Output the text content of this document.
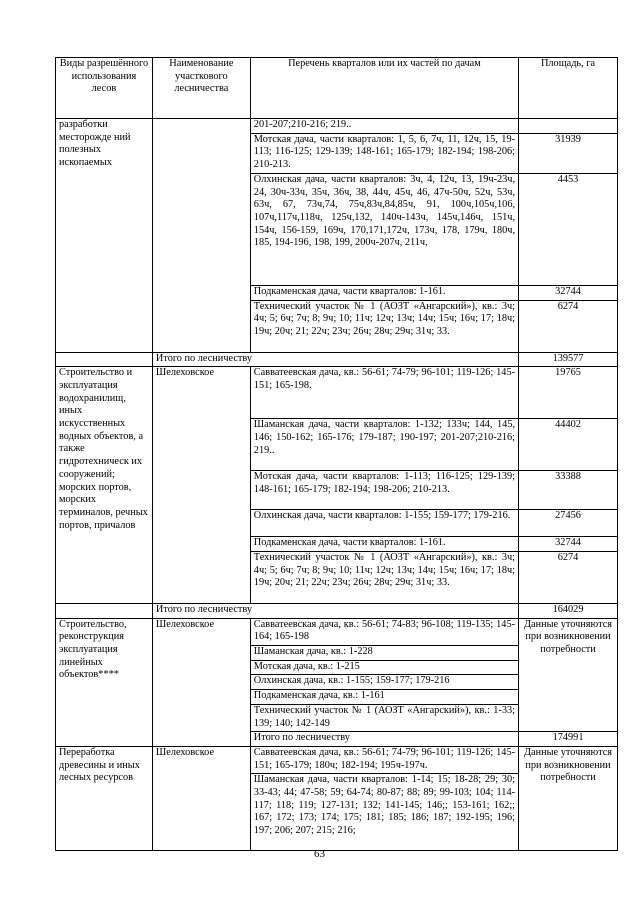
Виды разрешённого использования лесов	Наименование участкового лесничества	Перечень кварталов или их частей по дачам	Площадь, га
разработки месторожде ний полезных ископаемых		201-207;210-216; 219..	
		Мотская дача, части кварталов: 1, 5, 6, 7ч, 11, 12ч, 15, 19-113; 116-125; 129-139; 148-161; 165-179; 182-194; 198-206; 210-213.	31939
		Олхинская дача, части кварталов: 3ч, 4, 12ч, 13, 19ч-23ч, 24, 30ч-33ч, 35ч, 36ч, 38, 44ч, 45ч, 46, 47ч-50ч, 52ч, 53ч, 63ч, 67, 73ч,74, 75ч,83ч,84,85ч, 91, 100ч,105ч,106, 107ч,117ч,118ч, 125ч,132, 140ч-143ч, 145ч,146ч, 151ч, 154ч, 156-159, 169ч, 170,171,172ч, 173ч, 178, 179ч, 180ч, 185, 194-196, 198, 199, 200ч-207ч, 211ч,	4453
		Подкаменская дача, части кварталов: 1-161.	32744
		Технический участок № 1 (АОЗТ «Ангарский»), кв.: 3ч; 4ч; 5; 6ч; 7ч; 8; 9ч; 10; 11ч; 12ч; 13ч; 14ч; 15ч; 16ч; 17; 18ч; 19ч; 20ч; 21; 22ч; 23ч; 26ч; 28ч; 29ч; 31ч; 33.	6274
	Итого по лесничеству		139577
Строительство и эксплуатация водохранилищ, иных искусственных водных объектов, а также гидротехническ их сооружений; морских портов, морских терминалов, речных портов, причалов	Шелеховское	Савватеевская дача, кв.: 56-61; 74-79; 96-101; 119-126; 145-151; 165-198.	19765
		Шаманская дача, части кварталов: 1-132; 133ч; 144, 145, 146; 150-162; 165-176; 179-187; 190-197; 201-207;210-216; 219..	44402
		Мотская дача, части кварталов: 1-113; 116-125; 129-139; 148-161; 165-179; 182-194; 198-206; 210-213.	33388
		Олхинская дача, части кварталов: 1-155; 159-177; 179-216.	27456
		Подкаменская дача, части кварталов: 1-161.	32744
		Технический участок № 1 (АОЗТ «Ангарский»), кв.: 3ч; 4ч; 5; 6ч; 7ч; 8; 9ч; 10; 11ч; 12ч; 13ч; 14ч; 15ч; 16ч; 17; 18ч; 19ч; 20ч; 21; 22ч; 23ч; 26ч; 28ч; 29ч; 31ч; 33.	6274
	Итого по лесничеству		164029
Строительство, реконструкция эксплуатация линейных объектов****	Шелеховское	Савватеевская дача, кв.: 56-61; 74-83; 96-108; 119-135; 145-164; 165-198	Данные уточняются при возникновении потребности
		Шаманская дача, кв.: 1-228	
		Мотская дача, кв.: 1-215	
		Олхинская дача, кв.: 1-155; 159-177; 179-216	
		Подкаменская дача, кв.: 1-161	
		Технический участок № 1 (АОЗТ «Ангарский»), кв.: 1-33; 139; 140; 142-149	
		Итого по лесничеству	174991
Переработка древесины и иных лесных ресурсов	Шелеховское	Савватеевская дача, кв.: 56-61; 74-79; 96-101; 119-126; 145-151; 165-179; 180ч; 182-194; 195ч-197ч.	Данные уточняются при возникновении потребности
		Шаманская дача, части кварталов: 1-14; 15; 18-28; 29; 30; 33-43; 44; 47-58; 59; 64-74; 80-87; 88; 89; 99-103; 104; 114-117; 118; 119; 127-131; 132; 141-145; 146;; 153-161; 162;; 167; 172; 173; 174; 175; 181; 185; 186; 187; 192-195; 196; 197; 206; 207; 215; 216;	
63
